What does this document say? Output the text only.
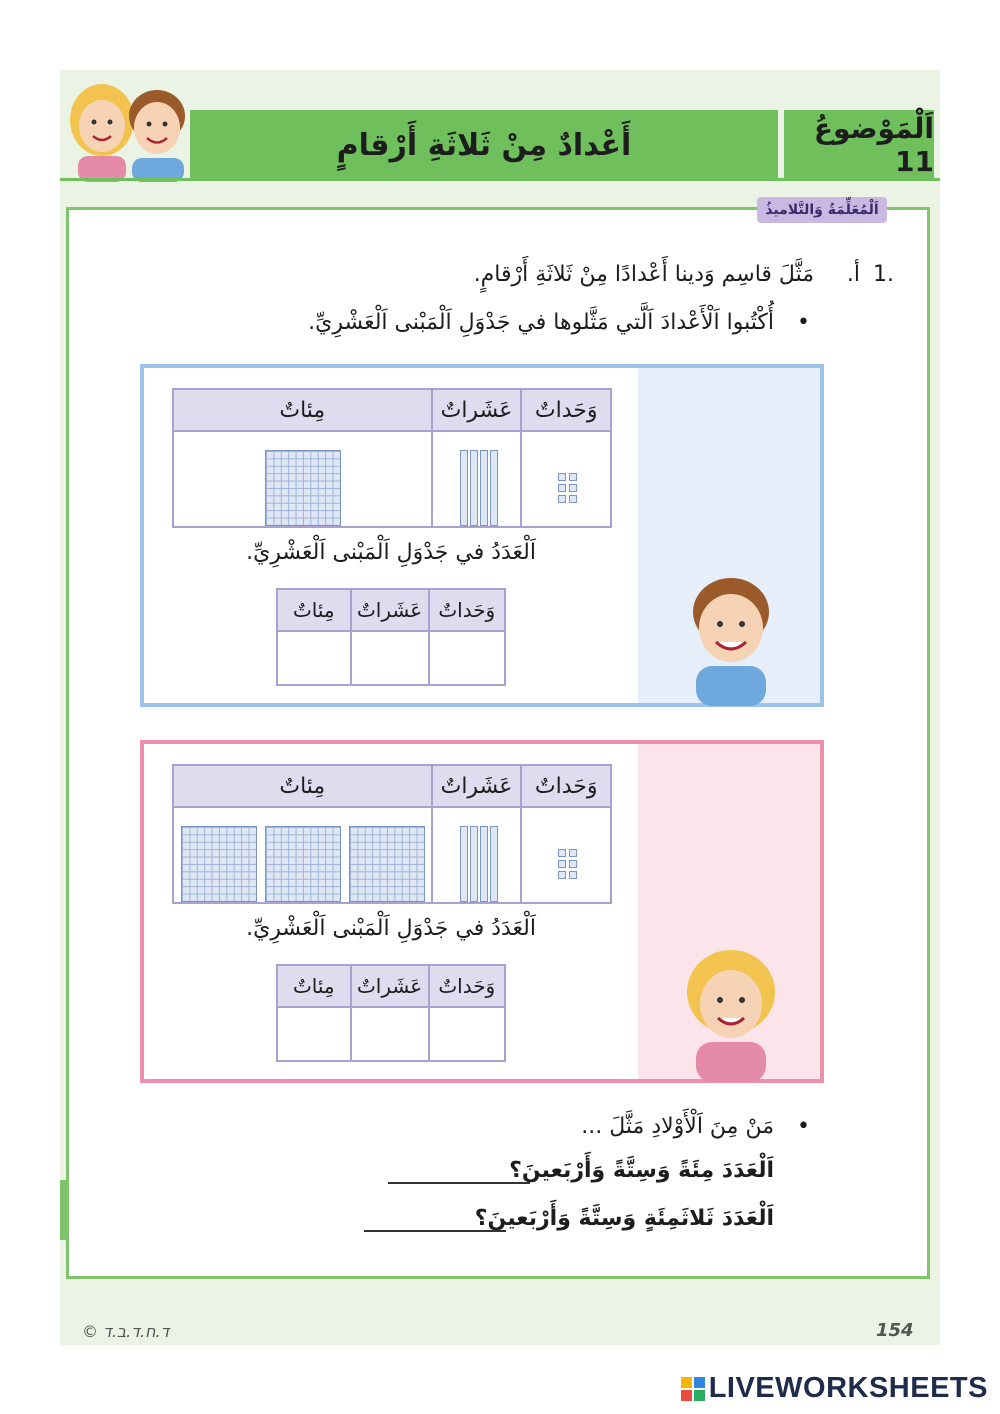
أَعْدادٌ مِنْ ثَلاثَةِ أَرْقامٍ	اَلْمَوْضوعُ 11
اَلْمُعَلِّمَةُ وَالتَّلاميذُ
.1
أ.
مَثَّلَ قاسِم وَدينا أَعْدادًا مِنْ ثَلاثَةِ أَرْقامٍ.
•
أُكْتُبوا اَلْأَعْدادَ اَلَّتي مَثَّلوها في جَدْوَلِ اَلْمَبْنى اَلْعَشْرِيِّ.
مِئاتٌ	عَشَراتٌ	وَحَداتٌ

اَلْعَدَدُ في جَدْوَلِ اَلْمَبْنى اَلْعَشْرِيِّ.
مِئاتٌ	عَشَراتٌ	وَحَداتٌ

مِئاتٌ	عَشَراتٌ	وَحَداتٌ

اَلْعَدَدُ في جَدْوَلِ اَلْمَبْنى اَلْعَشْرِيِّ.
مِئاتٌ	عَشَراتٌ	وَحَداتٌ

•
مَنْ مِنَ اَلْأَوْلادِ مَثَّلَ ...
اَلْعَدَدَ مِئَةً وَسِتَّةً وَأَرْبَعينَ؟
اَلْعَدَدَ ثَلاثَمِئَةٍ وَسِتَّةً وَأَرْبَعينَ؟
© ד.ח.ד.ב.ד	154
LIVEWORKSHEETS
